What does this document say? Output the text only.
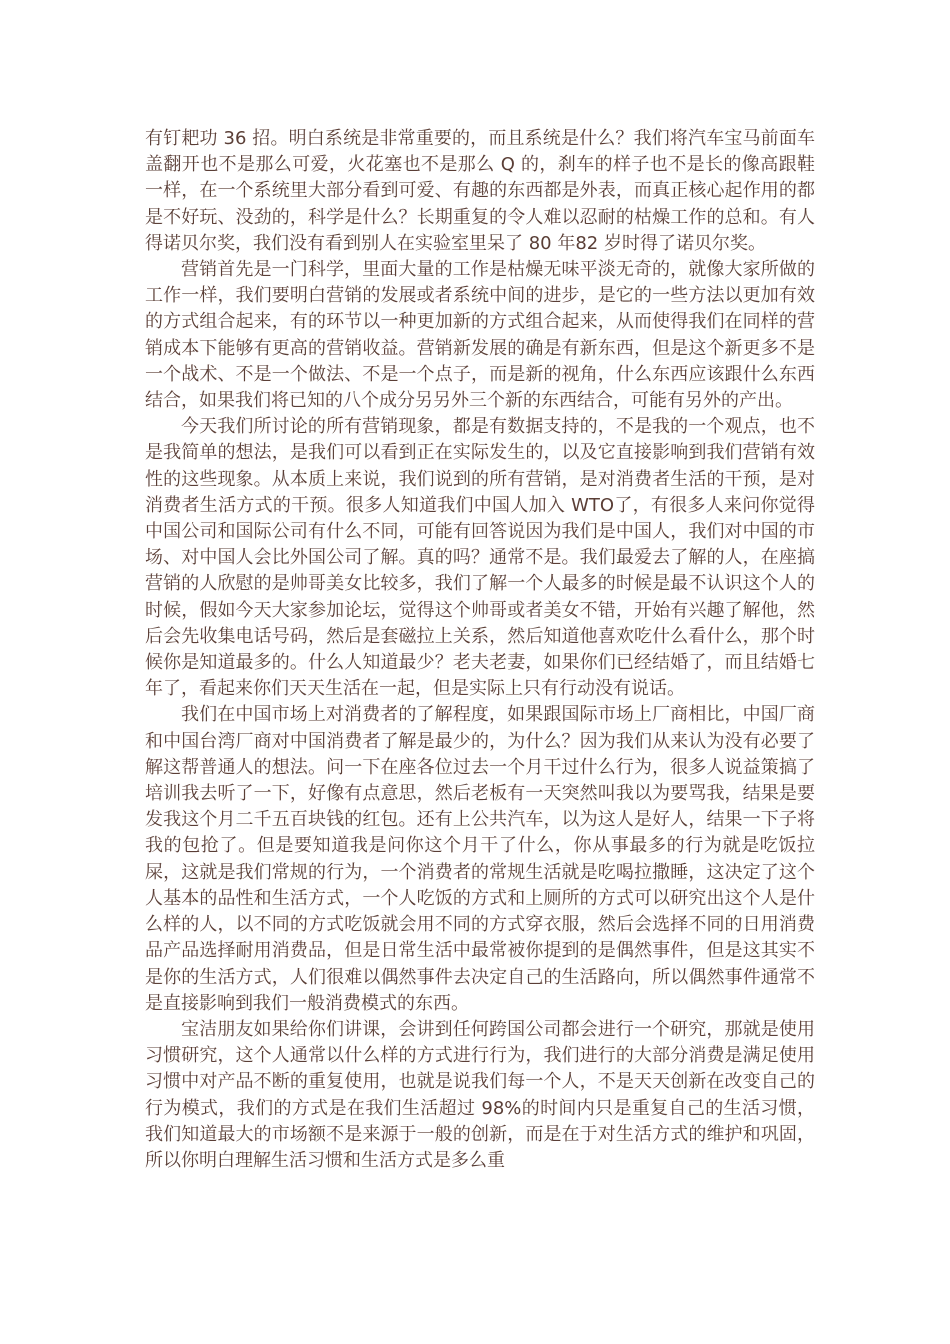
有钉耙功 36 招。明白系统是非常重要的，而且系统是什么？我们将汽车宝马前面车盖翻开也不是那么可爱，火花塞也不是那么 Q 的，刹车的样子也不是长的像高跟鞋一样，在一个系统里大部分看到可爱、有趣的东西都是外表，而真正核心起作用的都是不好玩、没劲的，科学是什么？长期重复的令人难以忍耐的枯燥工作的总和。有人得诺贝尔奖，我们没有看到别人在实验室里呆了 80 年82 岁时得了诺贝尔奖。

营销首先是一门科学，里面大量的工作是枯燥无味平淡无奇的，就像大家所做的工作一样，我们要明白营销的发展或者系统中间的进步，是它的一些方法以更加有效的方式组合起来，有的环节以一种更加新的方式组合起来，从而使得我们在同样的营销成本下能够有更高的营销收益。营销新发展的确是有新东西，但是这个新更多不是一个战术、不是一个做法、不是一个点子，而是新的视角，什么东西应该跟什么东西结合，如果我们将已知的八个成分另另外三个新的东西结合，可能有另外的产出。

今天我们所讨论的所有营销现象，都是有数据支持的，不是我的一个观点，也不是我简单的想法，是我们可以看到正在实际发生的，以及它直接影响到我们营销有效性的这些现象。从本质上来说，我们说到的所有营销，是对消费者生活的干预，是对消费者生活方式的干预。很多人知道我们中国人加入 WTO了，有很多人来问你觉得中国公司和国际公司有什么不同，可能有回答说因为我们是中国人，我们对中国的市场、对中国人会比外国公司了解。真的吗？通常不是。我们最爱去了解的人，在座搞营销的人欣慰的是帅哥美女比较多，我们了解一个人最多的时候是最不认识这个人的时候，假如今天大家参加论坛，觉得这个帅哥或者美女不错，开始有兴趣了解他，然后会先收集电话号码，然后是套磁拉上关系，然后知道他喜欢吃什么看什么，那个时候你是知道最多的。什么人知道最少？老夫老妻，如果你们已经结婚了，而且结婚七年了，看起来你们天天生活在一起，但是实际上只有行动没有说话。

我们在中国市场上对消费者的了解程度，如果跟国际市场上厂商相比，中国厂商和中国台湾厂商对中国消费者了解是最少的，为什么？因为我们从来认为没有必要了解这帮普通人的想法。问一下在座各位过去一个月干过什么行为，很多人说益策搞了培训我去听了一下，好像有点意思，然后老板有一天突然叫我以为要骂我，结果是要发我这个月二千五百块钱的红包。还有上公共汽车，以为这人是好人，结果一下子将我的包抢了。但是要知道我是问你这个月干了什么，你从事最多的行为就是吃饭拉屎，这就是我们常规的行为，一个消费者的常规生活就是吃喝拉撒睡，这决定了这个人基本的品性和生活方式，一个人吃饭的方式和上厕所的方式可以研究出这个人是什么样的人，以不同的方式吃饭就会用不同的方式穿衣服，然后会选择不同的日用消费品产品选择耐用消费品，但是日常生活中最常被你提到的是偶然事件，但是这其实不是你的生活方式，人们很难以偶然事件去决定自己的生活路向，所以偶然事件通常不是直接影响到我们一般消费模式的东西。

宝洁朋友如果给你们讲课，会讲到任何跨国公司都会进行一个研究，那就是使用习惯研究，这个人通常以什么样的方式进行行为，我们进行的大部分消费是满足使用习惯中对产品不断的重复使用，也就是说我们每一个人，不是天天创新在改变自己的行为模式，我们的方式是在我们生活超过 98%的时间内只是重复自己的生活习惯，我们知道最大的市场额不是来源于一般的创新，而是在于对生活方式的维护和巩固，所以你明白理解生活习惯和生活方式是多么重
